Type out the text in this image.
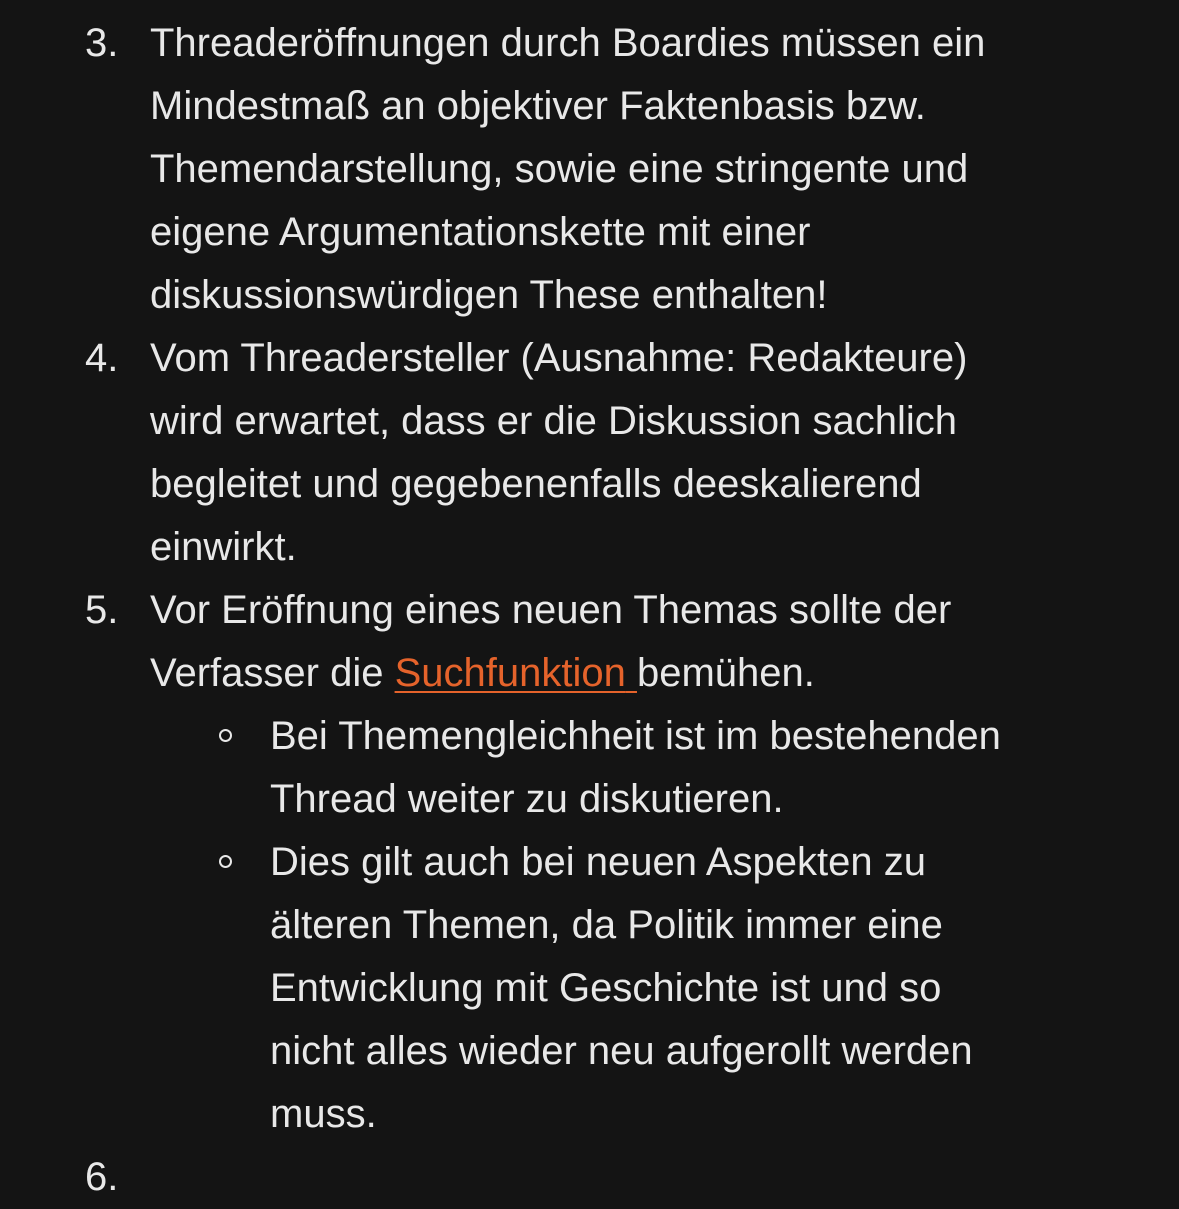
3. Threaderöffnungen durch Boardies müssen ein
Mindestmaß an objektiver Faktenbasis bzw.
Themendarstellung, sowie eine stringente und
eigene Argumentationskette mit einer
diskussionswürdigen These enthalten!
4. Vom Threadersteller (Ausnahme: Redakteure)
wird erwartet, dass er die Diskussion sachlich
begleitet und gegebenenfalls deeskalierend
einwirkt.
5. Vor Eröffnung eines neuen Themas sollte der
Verfasser die Suchfunktion bemühen.
Bei Themengleichheit ist im bestehenden
Thread weiter zu diskutieren.
Dies gilt auch bei neuen Aspekten zu
älteren Themen, da Politik immer eine
Entwicklung mit Geschichte ist und so
nicht alles wieder neu aufgerollt werden
muss.
6.
